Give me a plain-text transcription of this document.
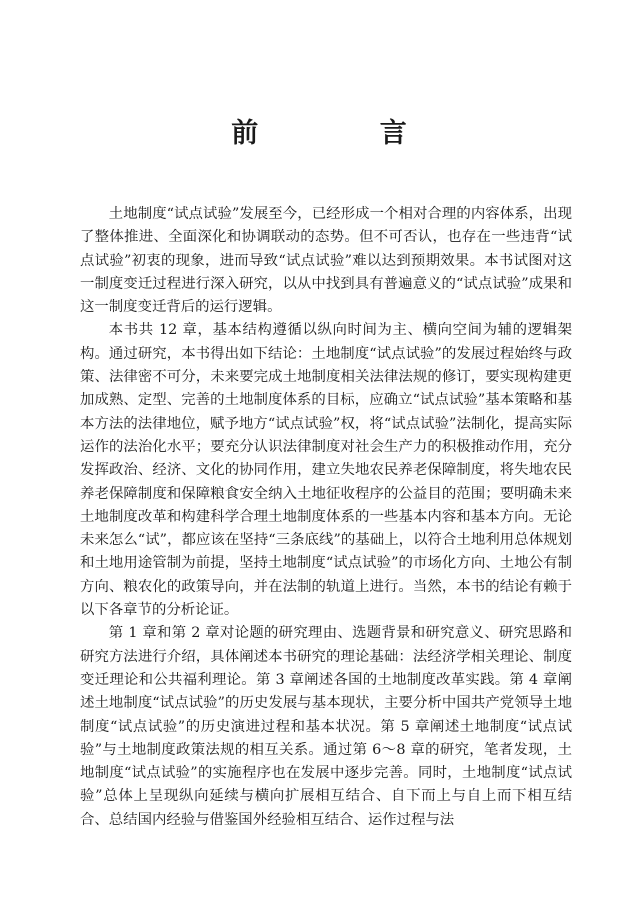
前 言

土地制度“试点试验”发展至今，已经形成一个相对合理的内容体系，出现了整体推进、全面深化和协调联动的态势。但不可否认，也存在一些违背“试点试验”初衷的现象，进而导致“试点试验”难以达到预期效果。本书试图对这一制度变迁过程进行深入研究，以从中找到具有普遍意义的“试点试验”成果和这一制度变迁背后的运行逻辑。

本书共 12 章，基本结构遵循以纵向时间为主、横向空间为辅的逻辑架构。通过研究，本书得出如下结论：土地制度“试点试验”的发展过程始终与政策、法律密不可分，未来要完成土地制度相关法律法规的修订，要实现构建更加成熟、定型、完善的土地制度体系的目标，应确立“试点试验”基本策略和基本方法的法律地位，赋予地方“试点试验”权，将“试点试验”法制化，提高实际运作的法治化水平；要充分认识法律制度对社会生产力的积极推动作用，充分发挥政治、经济、文化的协同作用，建立失地农民养老保障制度，将失地农民养老保障制度和保障粮食安全纳入土地征收程序的公益目的范围；要明确未来土地制度改革和构建科学合理土地制度体系的一些基本内容和基本方向。无论未来怎么“试”，都应该在坚持“三条底线”的基础上，以符合土地利用总体规划和土地用途管制为前提，坚持土地制度“试点试验”的市场化方向、土地公有制方向、粮农化的政策导向，并在法制的轨道上进行。当然，本书的结论有赖于以下各章节的分析论证。

第 1 章和第 2 章对论题的研究理由、选题背景和研究意义、研究思路和研究方法进行介绍，具体阐述本书研究的理论基础：法经济学相关理论、制度变迁理论和公共福利理论。第 3 章阐述各国的土地制度改革实践。第 4 章阐述土地制度“试点试验”的历史发展与基本现状，主要分析中国共产党领导土地制度“试点试验”的历史演进过程和基本状况。第 5 章阐述土地制度“试点试验”与土地制度政策法规的相互关系。通过第 6～8 章的研究，笔者发现，土地制度“试点试验”的实施程序也在发展中逐步完善。同时，土地制度“试点试验”总体上呈现纵向延续与横向扩展相互结合、自下而上与自上而下相互结合、总结国内经验与借鉴国外经验相互结合、运作过程与法
